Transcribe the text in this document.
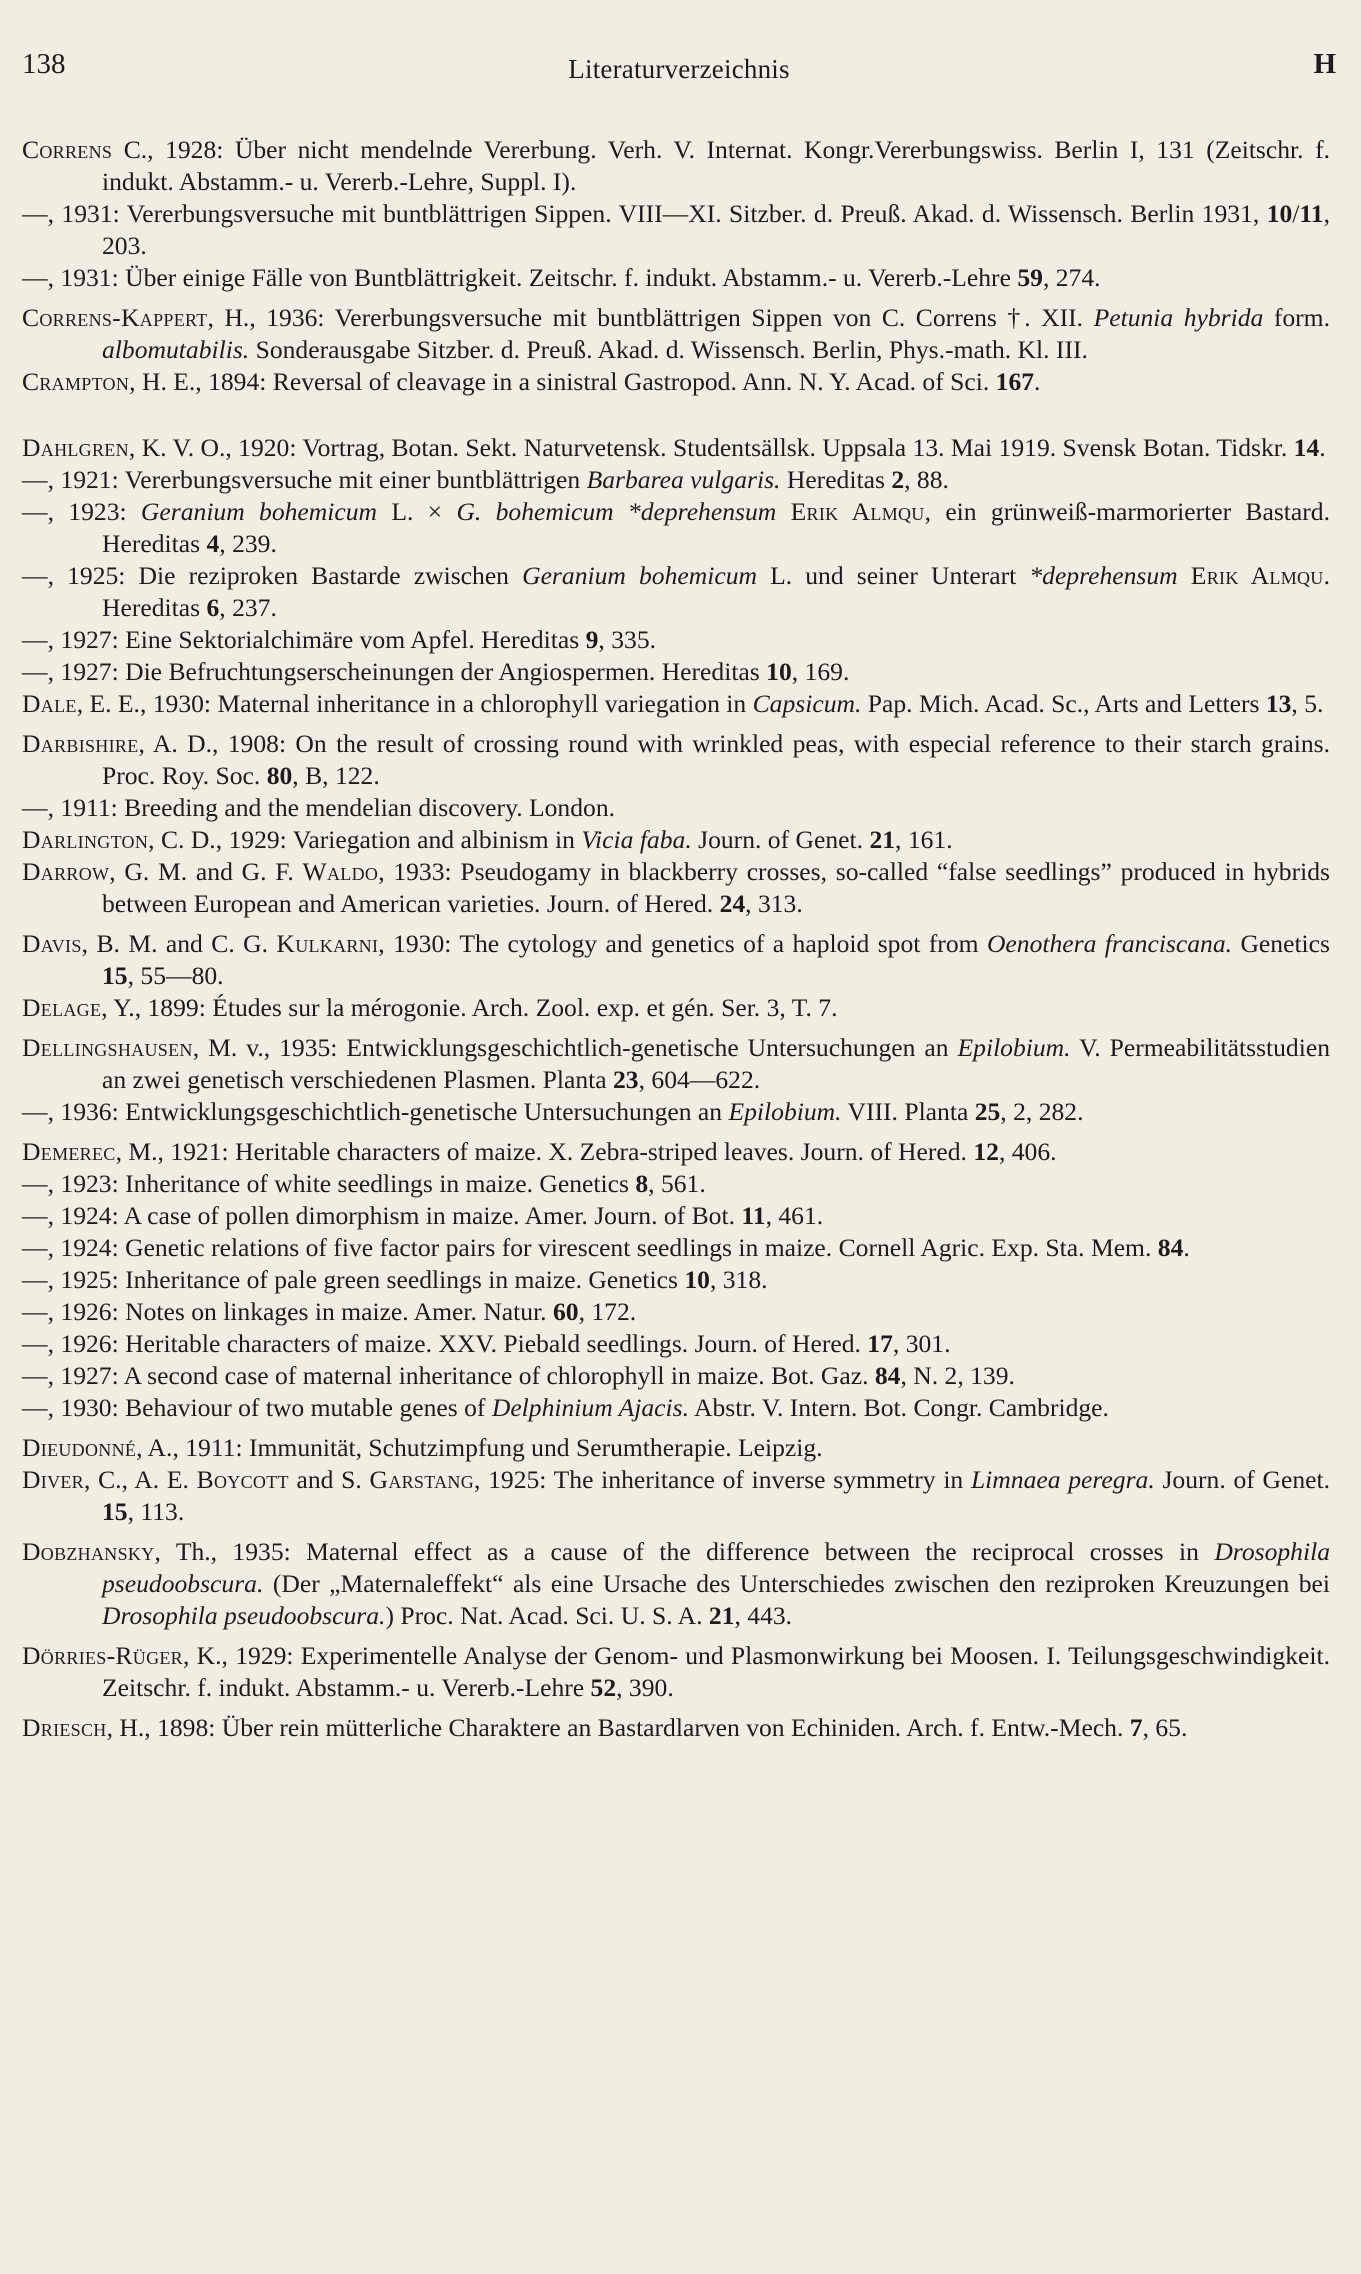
138	Literaturverzeichnis	H
Correns C., 1928: Über nicht mendelnde Vererbung. Verh. V. Internat. Kongr.Vererbungswiss. Berlin I, 131 (Zeitschr. f. indukt. Abstamm.- u. Vererb.-Lehre, Suppl. I).
—, 1931: Vererbungsversuche mit buntblättrigen Sippen. VIII—XI. Sitzber. d. Preuß. Akad. d. Wissensch. Berlin 1931, 10/11, 203.
—, 1931: Über einige Fälle von Buntblättrigkeit. Zeitschr. f. indukt. Abstamm.- u. Vererb.-Lehre 59, 274.
Correns-Kappert, H., 1936: Vererbungsversuche mit buntblättrigen Sippen von C. Correns †. XII. Petunia hybrida form. albomutabilis. Sonderausgabe Sitzber. d. Preuß. Akad. d. Wissensch. Berlin, Phys.-math. Kl. III.
Crampton, H. E., 1894: Reversal of cleavage in a sinistral Gastropod. Ann. N. Y. Acad. of Sci. 167.
Dahlgren, K. V. O., 1920: Vortrag, Botan. Sekt. Naturvetensk. Studentsällsk. Uppsala 13. Mai 1919. Svensk Botan. Tidskr. 14.
—, 1921: Vererbungsversuche mit einer buntblättrigen Barbarea vulgaris. Hereditas 2, 88.
—, 1923: Geranium bohemicum L. × G. bohemicum *deprehensum Erik Almqu, ein grünweiß-marmorierter Bastard. Hereditas 4, 239.
—, 1925: Die reziproken Bastarde zwischen Geranium bohemicum L. und seiner Unterart *deprehensum Erik Almqu. Hereditas 6, 237.
—, 1927: Eine Sektorialchimäre vom Apfel. Hereditas 9, 335.
—, 1927: Die Befruchtungserscheinungen der Angiospermen. Hereditas 10, 169.
Dale, E. E., 1930: Maternal inheritance in a chlorophyll variegation in Capsicum. Pap. Mich. Acad. Sc., Arts and Letters 13, 5.
Darbishire, A. D., 1908: On the result of crossing round with wrinkled peas, with especial reference to their starch grains. Proc. Roy. Soc. 80, B, 122.
—, 1911: Breeding and the mendelian discovery. London.
Darlington, C. D., 1929: Variegation and albinism in Vicia faba. Journ. of Genet. 21, 161.
Darrow, G. M. and G. F. Waldo, 1933: Pseudogamy in blackberry crosses, so-called “false seedlings” produced in hybrids between European and American varieties. Journ. of Hered. 24, 313.
Davis, B. M. and C. G. Kulkarni, 1930: The cytology and genetics of a haploid spot from Oenothera franciscana. Genetics 15, 55—80.
Delage, Y., 1899: Études sur la mérogonie. Arch. Zool. exp. et gén. Ser. 3, T. 7.
Dellingshausen, M. v., 1935: Entwicklungsgeschichtlich-genetische Untersuchungen an Epilobium. V. Permeabilitätsstudien an zwei genetisch verschiedenen Plasmen. Planta 23, 604—622.
—, 1936: Entwicklungsgeschichtlich-genetische Untersuchungen an Epilobium. VIII. Planta 25, 2, 282.
Demerec, M., 1921: Heritable characters of maize. X. Zebra-striped leaves. Journ. of Hered. 12, 406.
—, 1923: Inheritance of white seedlings in maize. Genetics 8, 561.
—, 1924: A case of pollen dimorphism in maize. Amer. Journ. of Bot. 11, 461.
—, 1924: Genetic relations of five factor pairs for virescent seedlings in maize. Cornell Agric. Exp. Sta. Mem. 84.
—, 1925: Inheritance of pale green seedlings in maize. Genetics 10, 318.
—, 1926: Notes on linkages in maize. Amer. Natur. 60, 172.
—, 1926: Heritable characters of maize. XXV. Piebald seedlings. Journ. of Hered. 17, 301.
—, 1927: A second case of maternal inheritance of chlorophyll in maize. Bot. Gaz. 84, N. 2, 139.
—, 1930: Behaviour of two mutable genes of Delphinium Ajacis. Abstr. V. Intern. Bot. Congr. Cambridge.
Dieudonné, A., 1911: Immunität, Schutzimpfung und Serumtherapie. Leipzig.
Diver, C., A. E. Boycott and S. Garstang, 1925: The inheritance of inverse symmetry in Limnaea peregra. Journ. of Genet. 15, 113.
Dobzhansky, Th., 1935: Maternal effect as a cause of the difference between the reciprocal crosses in Drosophila pseudoobscura. (Der „Maternaleffekt“ als eine Ursache des Unterschiedes zwischen den reziproken Kreuzungen bei Drosophila pseudoobscura.) Proc. Nat. Acad. Sci. U. S. A. 21, 443.
Dörries-Rüger, K., 1929: Experimentelle Analyse der Genom- und Plasmonwirkung bei Moosen. I. Teilungsgeschwindigkeit. Zeitschr. f. indukt. Abstamm.- u. Vererb.-Lehre 52, 390.
Driesch, H., 1898: Über rein mütterliche Charaktere an Bastardlarven von Echiniden. Arch. f. Entw.-Mech. 7, 65.
